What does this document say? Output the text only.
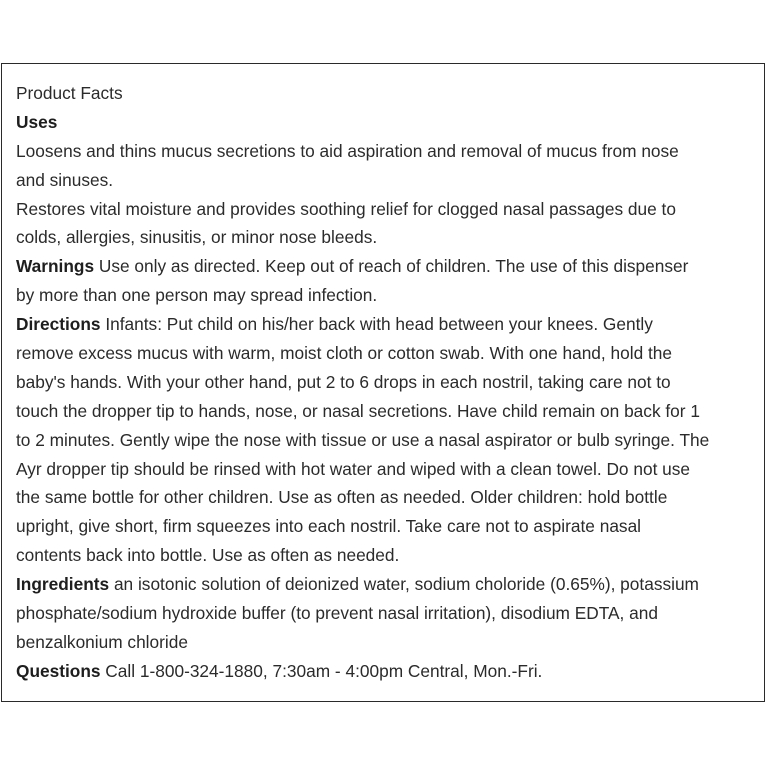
Product Facts
Uses
Loosens and thins mucus secretions to aid aspiration and removal of mucus from nose
and sinuses.
Restores vital moisture and provides soothing relief for clogged nasal passages due to
colds, allergies, sinusitis, or minor nose bleeds.
Warnings Use only as directed. Keep out of reach of children. The use of this dispenser
by more than one person may spread infection.
Directions Infants: Put child on his/her back with head between your knees. Gently
remove excess mucus with warm, moist cloth or cotton swab. With one hand, hold the
baby's hands. With your other hand, put 2 to 6 drops in each nostril, taking care not to
touch the dropper tip to hands, nose, or nasal secretions. Have child remain on back for 1
to 2 minutes. Gently wipe the nose with tissue or use a nasal aspirator or bulb syringe. The
Ayr dropper tip should be rinsed with hot water and wiped with a clean towel. Do not use
the same bottle for other children. Use as often as needed. Older children: hold bottle
upright, give short, firm squeezes into each nostril. Take care not to aspirate nasal
contents back into bottle. Use as often as needed.
Ingredients an isotonic solution of deionized water, sodium choloride (0.65%), potassium
phosphate/sodium hydroxide buffer (to prevent nasal irritation), disodium EDTA, and
benzalkonium chloride
Questions Call 1-800-324-1880, 7:30am - 4:00pm Central, Mon.-Fri.
